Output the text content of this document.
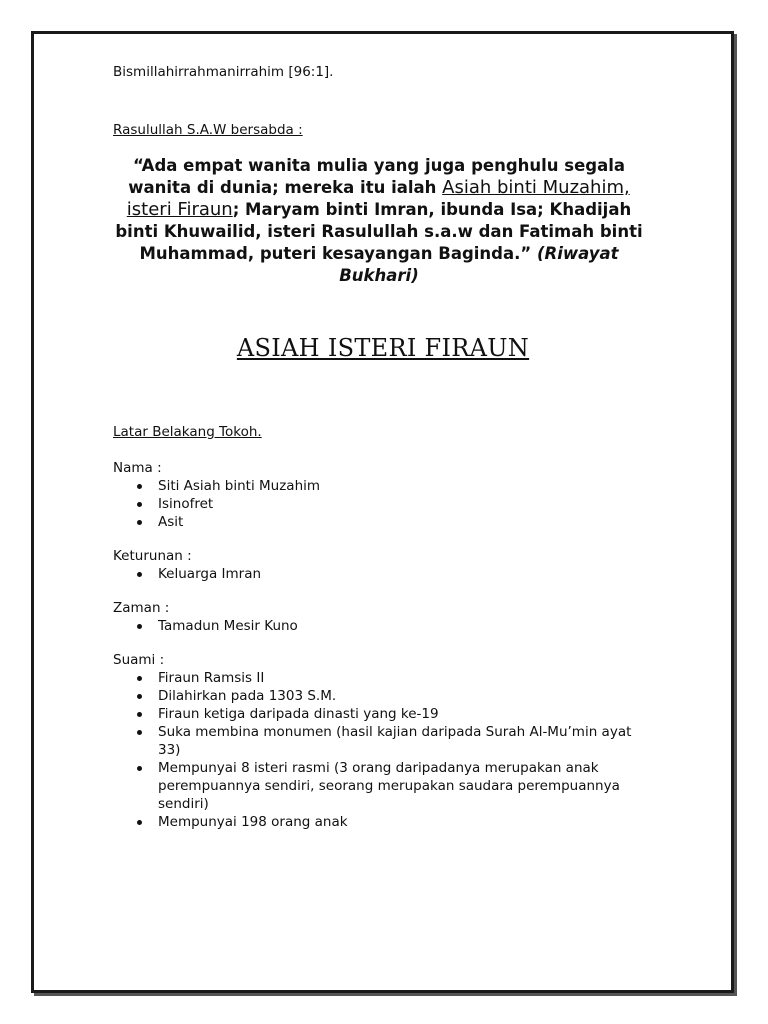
Bismillahirrahmanirrahim [96:1].

Rasulullah S.A.W bersabda :

“Ada empat wanita mulia yang juga penghulu segala wanita di dunia; mereka itu ialah Asiah binti Muzahim, isteri Firaun; Maryam binti Imran, ibunda Isa; Khadijah binti Khuwailid, isteri Rasulullah s.a.w dan Fatimah binti Muhammad, puteri kesayangan Baginda.” (Riwayat Bukhari)

ASIAH ISTERI FIRAUN

Latar Belakang Tokoh.

Nama :

Siti Asiah binti Muzahim
Isinofret
Asit

Keturunan :

Keluarga Imran

Zaman :

Tamadun Mesir Kuno

Suami :

Firaun Ramsis II
Dilahirkan pada 1303 S.M.
Firaun ketiga daripada dinasti yang ke-19
Suka membina monumen (hasil kajian daripada Surah Al-Mu’min ayat 33)
Mempunyai 8 isteri rasmi (3 orang daripadanya merupakan anak perempuannya sendiri, seorang merupakan saudara perempuannya sendiri)
Mempunyai 198 orang anak
